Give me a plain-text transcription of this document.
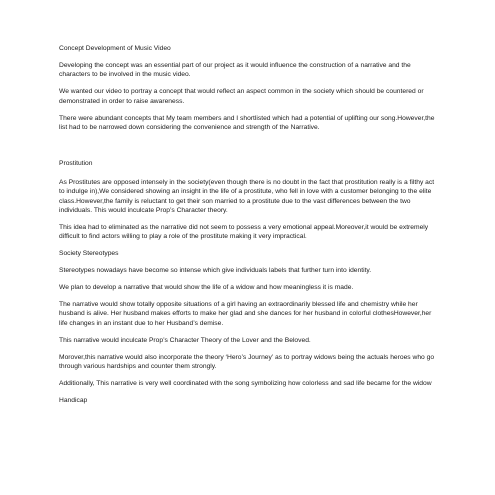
Concept Development of Music Video

Developing the concept was an essential part of our project as it would influence the construction of a narrative and the characters to be involved in the music video.

We wanted our video to portray a concept that would reflect an aspect common in the society which should be countered or demonstrated in order to raise awareness.

There were abundant concepts that My team members and I shortlisted which had a potential of uplifting our song.However,the list had to be narrowed down considering the convenience and strength of the Narrative.

Prostitution

As Prostitutes are opposed intensely in the society(even though there is no doubt in the fact that prostitution really is a filthy act to indulge in),We considered showing an insight in the life of a prostitute, who fell in love with a customer belonging to the elite class.However,the family is reluctant to get their son married to a prostitute due to the vast differences between the two individuals. This would inculcate Prop’s Character theory.

This idea had to eliminated as the narrative did not seem to possess a very emotional appeal.Moreover,it would be extremely difficult to find actors willing to play a role of the prostitute making it very impractical.

Society Stereotypes

Stereotypes nowadays have become so intense which give individuals labels that further turn into identity.

We plan to develop a narrative that would show the life of a widow and how meaningless it is made.

The narrative would show totally opposite situations of a girl having an extraordinarily blessed life and chemistry while her husband is alive. Her husband makes efforts to make her glad and she dances for her husband in colorful clothesHowever,her life changes in an instant due to her Husband’s demise.

This narrative would inculcate Prop’s Character Theory of the Lover and the Beloved.

Morover,this narrative would also incorporate the theory ‘Hero’s Journey’ as to portray widows being the actuals heroes who go through various hardships and counter them strongly.

Additionally, This narrative is very well coordinated with the song symbolizing how colorless and sad life became for the widow

Handicap
